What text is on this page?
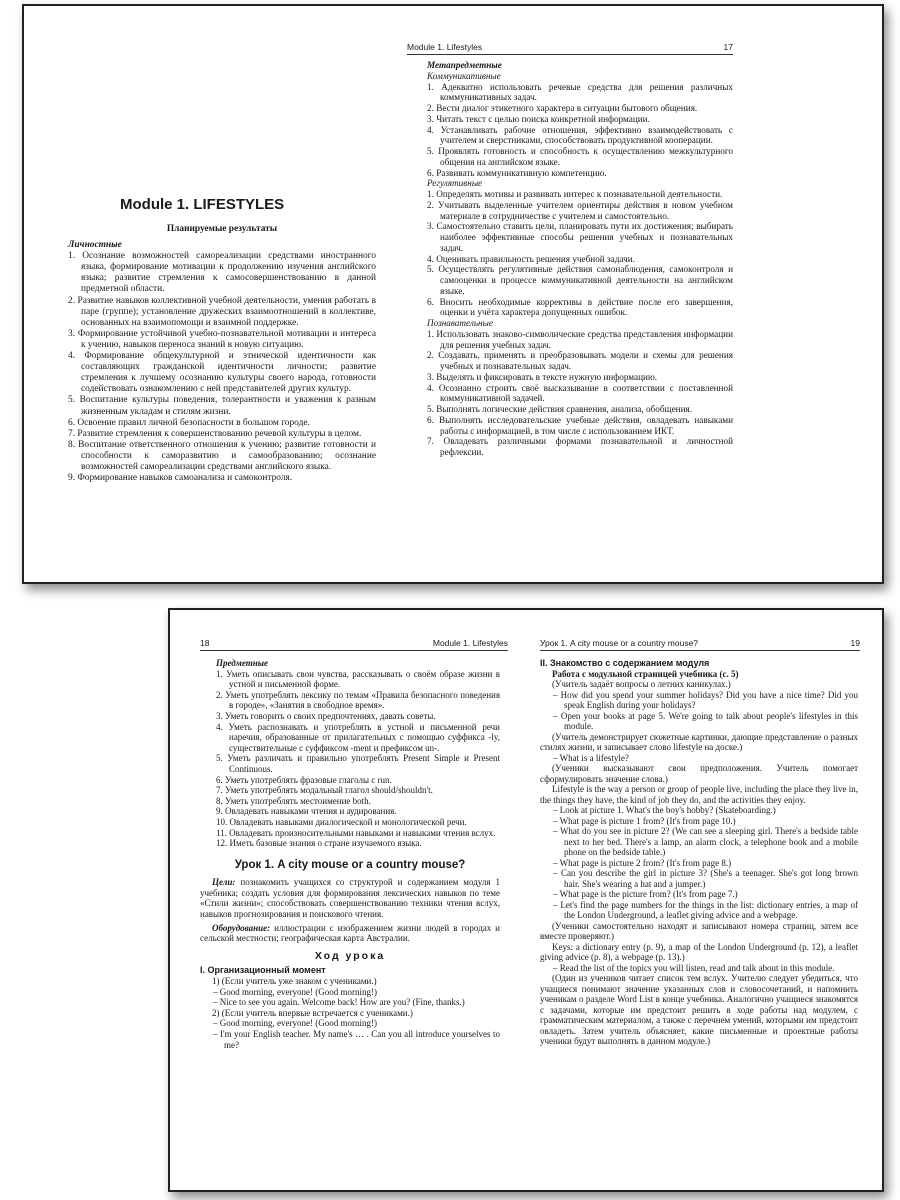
Module 1. LIFESTYLES

Планируемые результаты

Личностные

1. Осознание возможностей самореализации средствами иностранного языка, формирование мотивации к продолжению изучения английского языка; развитие стремления к самосовершенствованию в данной предметной области.

2. Развитие навыков коллективной учебной деятельности, умения работать в паре (группе); установление дружеских взаимоотношений в коллективе, основанных на взаимопомощи и взаимной поддержке.

3. Формирование устойчивой учебно-познавательной мотивации и интереса к учению, навыков переноса знаний в новую ситуацию.

4. Формирование общекультурной и этнической идентичности как составляющих гражданской идентичности личности; развитие стремления к лучшему осознанию культуры своего народа, готовности содействовать ознакомлению с ней представителей других культур.

5. Воспитание культуры поведения, толерантности и уважения к разным жизненным укладам и стилям жизни.

6. Освоение правил личной безопасности в большом городе.

7. Развитие стремления к совершенствованию речевой культуры в целом.

8. Воспитание ответственного отношения к учению; развитие готовности и способности к саморазвитию и самообразованию; осознание возможностей самореализации средствами английского языка.

9. Формирование навыков самоанализа и самоконтроля.

Module 1. Lifestyles	17

Метапредметные

Коммуникативные

1. Адекватно использовать речевые средства для решения различных коммуникативных задач.

2. Вести диалог этикетного характера в ситуации бытового общения.

3. Читать текст с целью поиска конкретной информации.

4. Устанавливать рабочие отношения, эффективно взаимодействовать с учителем и сверстниками, способствовать продуктивной кооперации.

5. Проявлять готовность и способность к осуществлению межкультурного общения на английском языке.

6. Развивать коммуникативную компетенцию.

Регулятивные

1. Определять мотивы и развивать интерес к познавательной деятельности.

2. Учитывать выделенные учителем ориентиры действия в новом учебном материале в сотрудничестве с учителем и самостоятельно.

3. Самостоятельно ставить цели, планировать пути их достижения; выбирать наиболее эффективные способы решения учебных и познавательных задач.

4. Оценивать правильность решения учебной задачи.

5. Осуществлять регулятивные действия самонаблюдения, самоконтроля и самооценки в процессе коммуникативной деятельности на английском языке.

6. Вносить необходимые коррективы в действие после его завершения, оценки и учёта характера допущенных ошибок.

Познавательные

1. Использовать знаково-символические средства представления информации для решения учебных задач.

2. Создавать, применять и преобразовывать модели и схемы для решения учебных и познавательных задач.

3. Выделять и фиксировать в тексте нужную информацию.

4. Осознанно строить своё высказывание в соответствии с поставленной коммуникативной задачей.

5. Выполнять логические действия сравнения, анализа, обобщения.

6. Выполнять исследовательские учебные действия, овладевать навыками работы с информацией, в том числе с использованием ИКТ.

7. Овладевать различными формами познавательной и личностной рефлексии.

18	Module 1. Lifestyles

Предметные

1. Уметь описывать свои чувства, рассказывать о своём образе жизни в устной и письменной форме.

2. Уметь употреблять лексику по темам «Правила безопасного поведения в городе», «Занятия в свободное время».

3. Уметь говорить о своих предпочтениях, давать советы.

4. Уметь распознавать и употреблять в устной и письменной речи наречия, образованные от прилагательных с помощью суффикса -ly, существительные с суффиксом -ment и префиксом un-.

5. Уметь различать и правильно употреблять Present Simple и Present Continuous.

6. Уметь употреблять фразовые глаголы с run.

7. Уметь употреблять модальный глагол should/shouldn't.

8. Уметь употреблять местоимение both.

9. Овладевать навыками чтения и аудирования.

10. Овладевать навыками диалогической и монологической речи.

11. Овладевать произносительными навыками и навыками чтения вслух.

12. Иметь базовые знания о стране изучаемого языка.

Урок 1. A city mouse or a country mouse?

Цели: познакомить учащихся со структурой и содержанием модуля 1 учебника; создать условия для формирования лексических навыков по теме «Стили жизни»; способствовать совершенствованию техники чтения вслух, навыков прогнозирования и поискового чтения.

Оборудование: иллюстрации с изображением жизни людей в городах и сельской местности; географическая карта Австралии.

Ход урока

I. Организационный момент

1) (Если учитель уже знаком с учениками.)

– Good morning, everyone! (Good morning!)

– Nice to see you again. Welcome back! How are you? (Fine, thanks.)

2) (Если учитель впервые встречается с учениками.)

– Good morning, everyone! (Good morning!)

– I'm your English teacher. My name's … . Can you all introduce yourselves to me?

Урок 1. A city mouse or a country mouse?	19

II. Знакомство с содержанием модуля

Работа с модульной страницей учебника (с. 5)

(Учитель задаёт вопросы о летних каникулах.)

– How did you spend your summer holidays? Did you have a nice time? Did you speak English during your holidays?

– Open your books at page 5. We're going to talk about people's lifestyles in this module.

(Учитель демонстрирует сюжетные картинки, дающие представление о разных стилях жизни, и записывает слово lifestyle на доске.)

– What is a lifestyle?

(Ученики высказывают свои предположения. Учитель помогает сформулировать значение слова.)

Lifestyle is the way a person or group of people live, including the place they live in, the things they have, the kind of job they do, and the activities they enjoy.

– Look at picture 1. What's the boy's hobby? (Skateboarding.)

– What page is picture 1 from? (It's from page 10.)

– What do you see in picture 2? (We can see a sleeping girl. There's a bedside table next to her bed. There's a lamp, an alarm clock, a telephone book and a mobile phone on the bedside table.)

– What page is picture 2 from? (It's from page 8.)

– Can you describe the girl in picture 3? (She's a teenager. She's got long brown hair. She's wearing a hat and a jumper.)

– What page is the picture from? (It's from page 7.)

– Let's find the page numbers for the things in the list: dictionary entries, a map of the London Underground, a leaflet giving advice and a webpage.

(Ученики самостоятельно находят и записывают номера страниц, затем все вместе проверяют.)

Keys: a dictionary entry (p. 9), a map of the London Underground (p. 12), a leaflet giving advice (p. 8), a webpage (p. 13).)

– Read the list of the topics you will listen, read and talk about in this module.

(Один из учеников читает список тем вслух. Учителю следует убедиться, что учащиеся понимают значение указанных слов и словосочетаний, и напомнить ученикам о разделе Word List в конце учебника. Аналогично учащиеся знакомятся с задачами, которые им предстоит решить в ходе работы над модулем, с грамматическим материалом, а также с перечнем умений, которыми им предстоит овладеть. Затем учитель объясняет, какие письменные и проектные работы ученики будут выполнять в данном модуле.)
